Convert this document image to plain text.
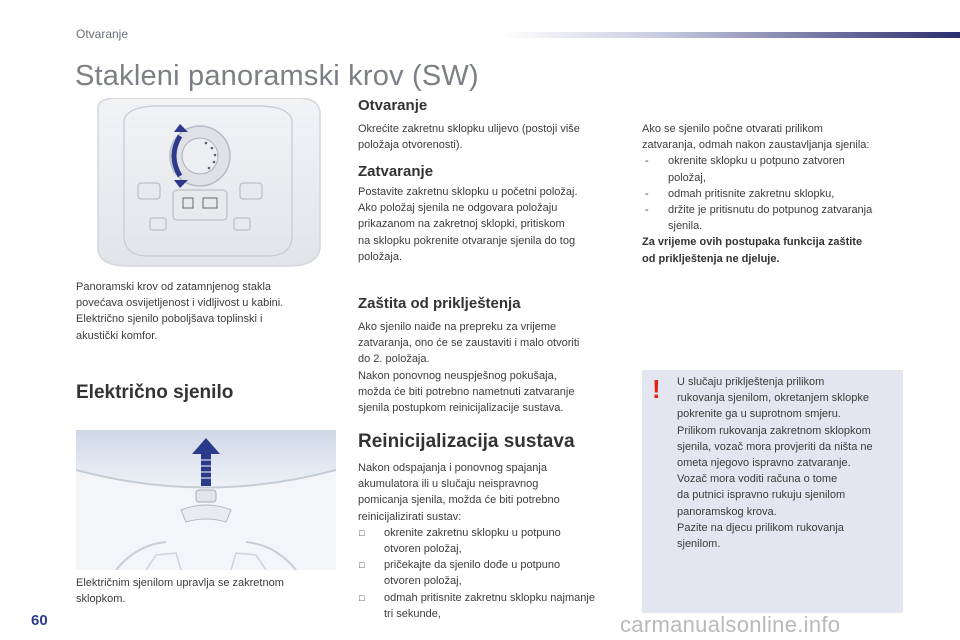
Otvaranje
Stakleni panoramski krov (SW)
Panoramski krov od zatamnjenog stakla
povećava osvijetljenost i vidljivost u kabini.
Električno sjenilo poboljšava toplinski i
akustički komfor.
Električno sjenilo
Električnim sjenilom upravlja se zakretnom
sklopkom.
Otvaranje
Okrećite zakretnu sklopku ulijevo (postoji više
položaja otvorenosti).
Zatvaranje
Postavite zakretnu sklopku u početni položaj.
Ako položaj sjenila ne odgovara položaju
prikazanom na zakretnoj sklopki, pritiskom
na sklopku pokrenite otvaranje sjenila do tog
položaja.
Zaštita od priklještenja
Ako sjenilo naiđe na prepreku za vrijeme
zatvaranja, ono će se zaustaviti i malo otvoriti
do 2. položaja.
Nakon ponovnog neuspješnog pokušaja,
možda će biti potrebno nametnuti zatvaranje
sjenila postupkom reinicijalizacije sustava.
Reinicijalizacija sustava
Nakon odspajanja i ponovnog spajanja
akumulatora ili u slučaju neispravnog
pomicanja sjenila, možda će biti potrebno
reinicijalizirati sustav:
□ okrenite zakretnu sklopku u potpuno
otvoren položaj,
□ pričekajte da sjenilo dođe u potpuno
otvoren položaj,
□ odmah pritisnite zakretnu sklopku najmanje
tri sekunde,
Ako se sjenilo počne otvarati prilikom
zatvaranja, odmah nakon zaustavljanja sjenila:
- okrenite sklopku u potpuno zatvoren
položaj,
- odmah pritisnite zakretnu sklopku,
- držite je pritisnutu do potpunog zatvaranja
sjenila.
Za vrijeme ovih postupaka funkcija zaštite
od priklještenja ne djeluje.
! U slučaju priklještenja prilikom
rukovanja sjenilom, okretanjem sklopke
pokrenite ga u suprotnom smjeru.
Prilikom rukovanja zakretnom sklopkom
sjenila, vozač mora provjeriti da ništa ne
ometa njegovo ispravno zatvaranje.
Vozač mora voditi računa o tome
da putnici ispravno rukuju sjenilom
panoramskog krova.
Pazite na djecu prilikom rukovanja
sjenilom.
60	carmanualsonline.info
